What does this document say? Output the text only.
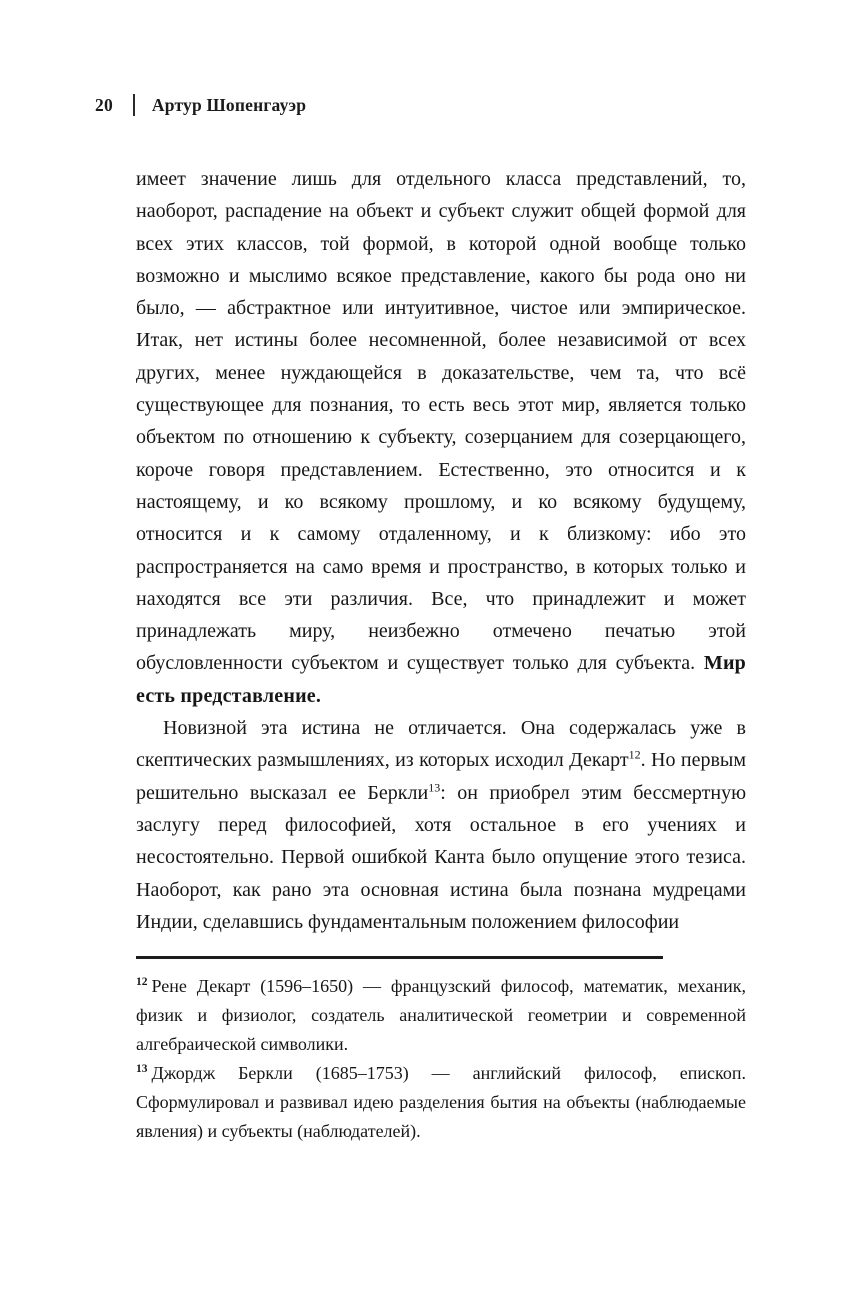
20 Артур Шопенгауэр

имеет значение лишь для отдельного класса представлений, то, наоборот, распадение на объект и субъект служит общей формой для всех этих классов, той формой, в которой одной вообще только возможно и мыслимо всякое представление, какого бы рода оно ни было, — абстрактное или интуитивное, чистое или эмпирическое. Итак, нет истины более несомненной, более независимой от всех других, менее нуждающейся в доказательстве, чем та, что всё существующее для познания, то есть весь этот мир, является только объектом по отношению к субъекту, созерцанием для созерцающего, короче говоря представлением. Естественно, это относится и к настоящему, и ко всякому прошлому, и ко всякому будущему, относится и к самому отдаленному, и к близкому: ибо это распространяется на само время и пространство, в которых только и находятся все эти различия. Все, что принадлежит и может принадлежать миру, неизбежно отмечено печатью этой обусловленности субъектом и существует только для субъекта. Мир есть представление.

Новизной эта истина не отличается. Она содержалась уже в скептических размышлениях, из которых исходил Декарт$^{12}$. Но первым решительно высказал ее Беркли$^{13}$: он приобрел этим бессмертную заслугу перед философией, хотя остальное в его учениях и несостоятельно. Первой ошибкой Канта было опущение этого тезиса. Наоборот, как рано эта основная истина была познана мудрецами Индии, сделавшись фундаментальным положением философии

$^{12}$ Рене Декарт (1596–1650) — французский философ, математик, механик, физик и физиолог, создатель аналитической геометрии и современной алгебраической символики.

$^{13}$ Джордж Беркли (1685–1753) — английский философ, епископ. Сформулировал и развивал идею разделения бытия на объекты (наблюдаемые явления) и субъекты (наблюдателей).
